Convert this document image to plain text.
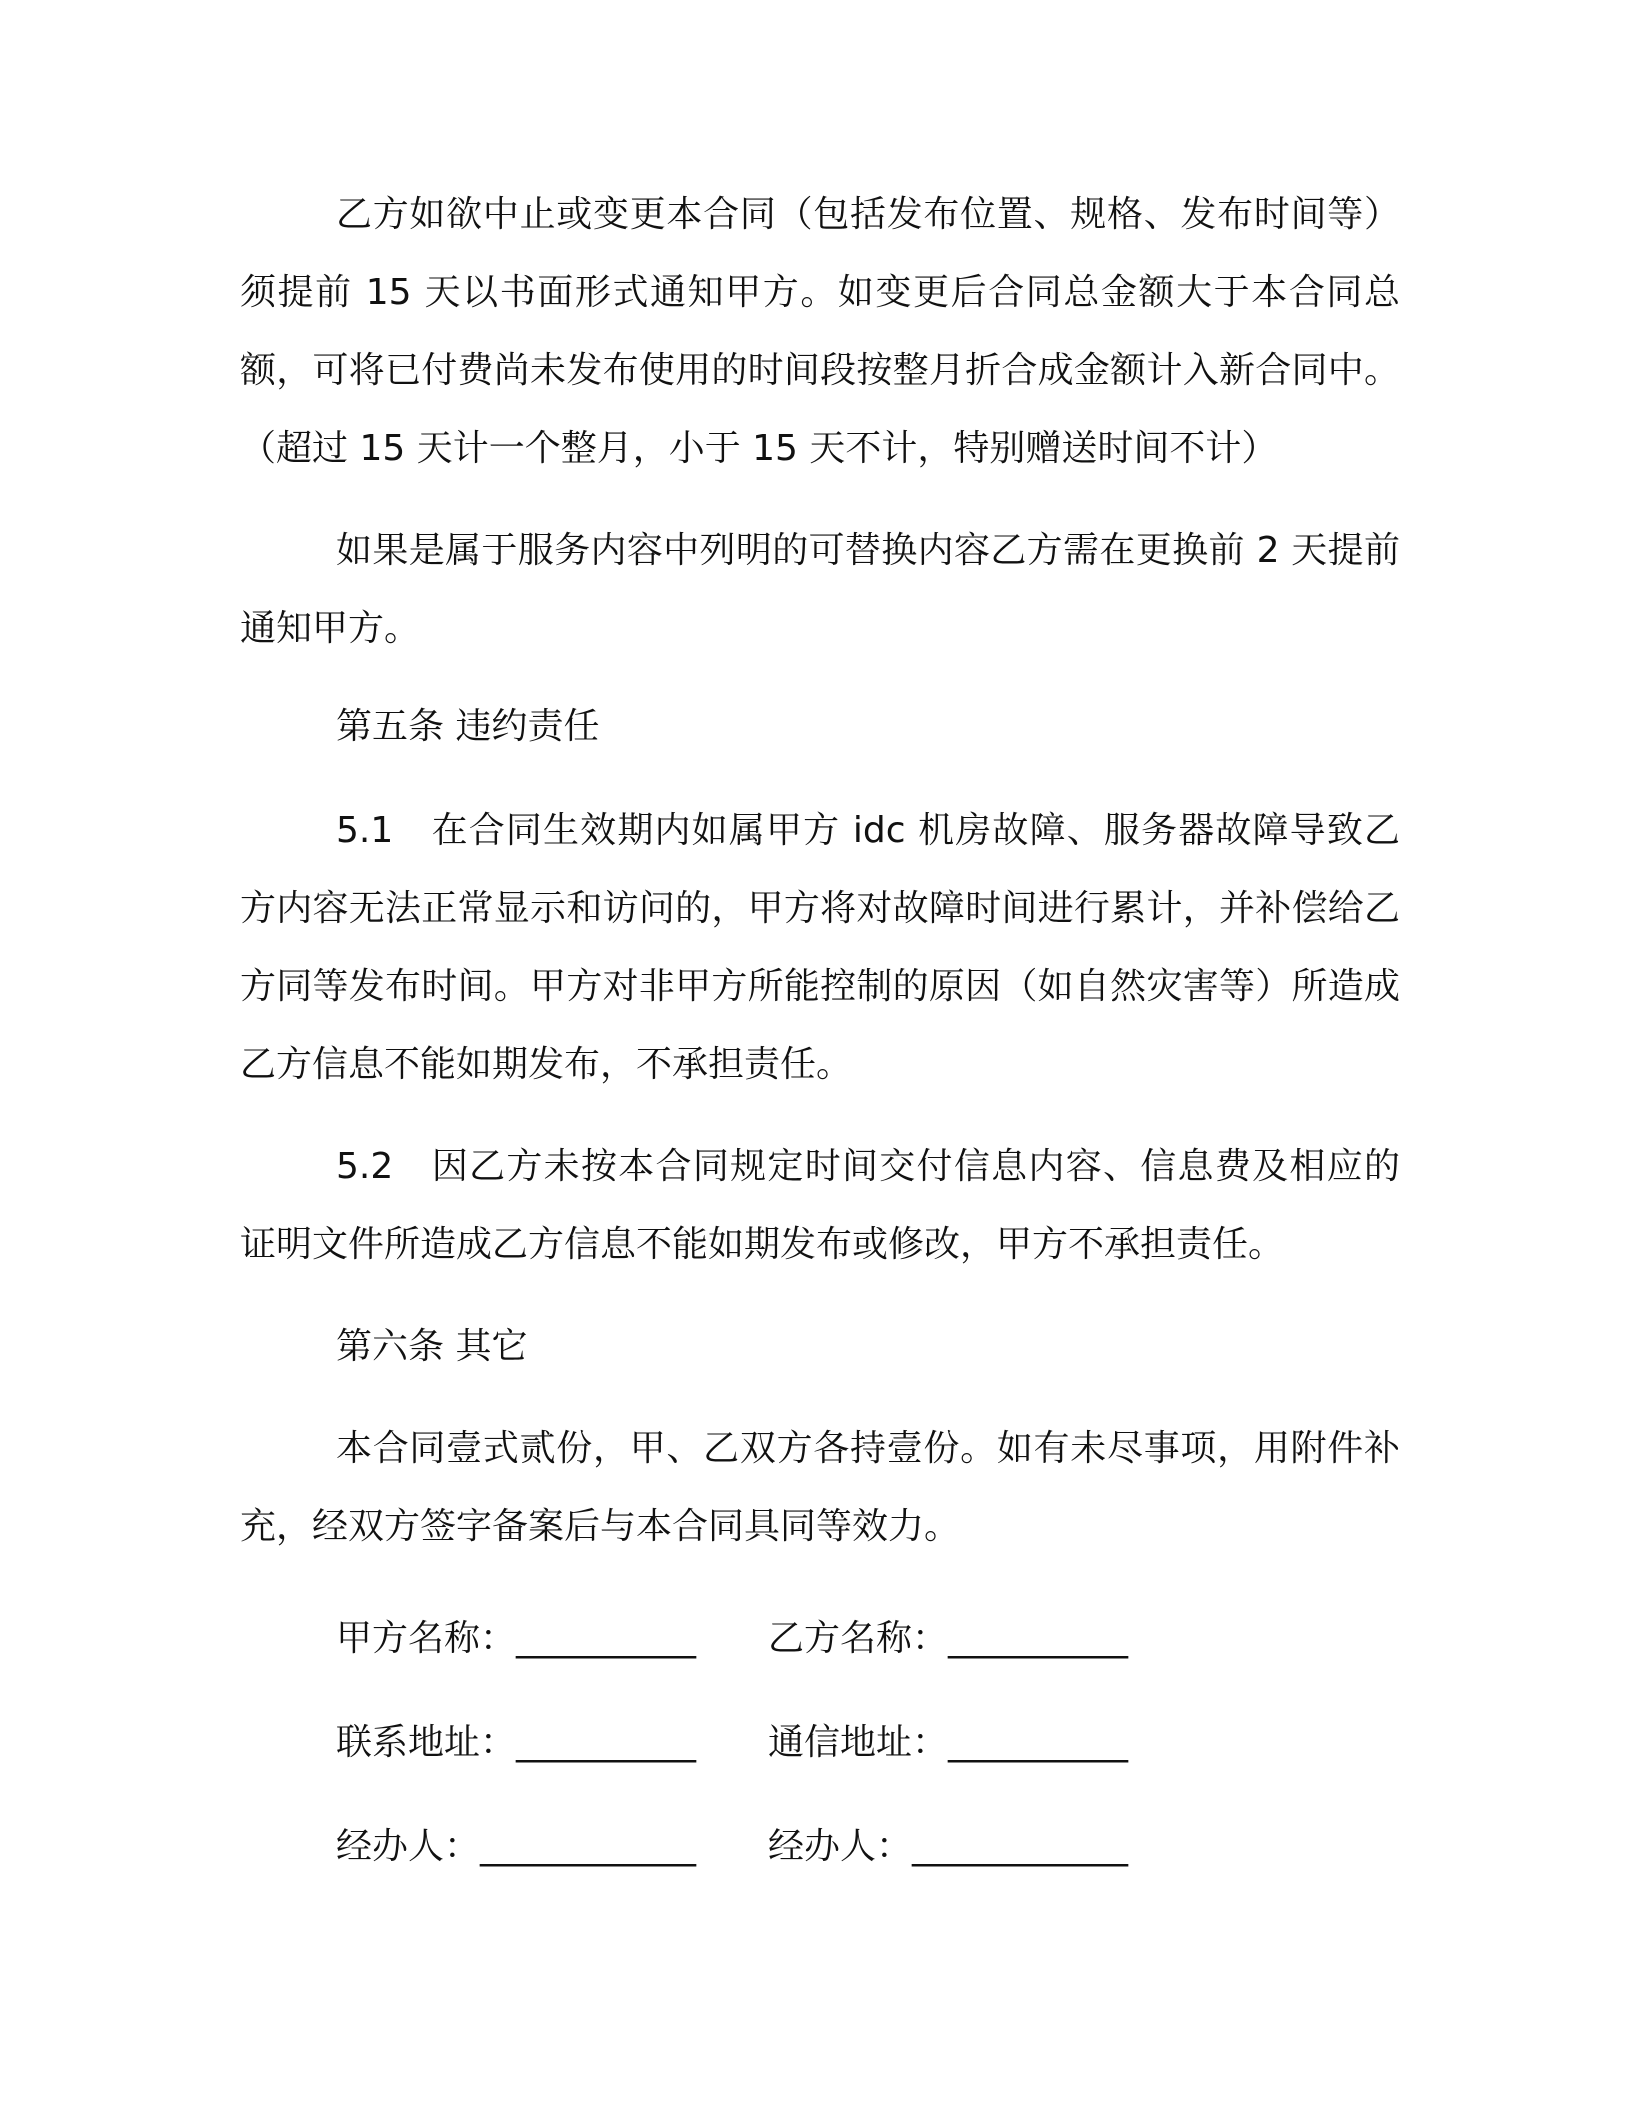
乙方如欲中止或变更本合同（包括发布位置、规格、发布时间等）须提前 15 天以书面形式通知甲方。如变更后合同总金额大于本合同总额，可将已付费尚未发布使用的时间段按整月折合成金额计入新合同中。（超过 15 天计一个整月，小于 15 天不计，特别赠送时间不计）

如果是属于服务内容中列明的可替换内容乙方需在更换前 2 天提前通知甲方。

第五条 违约责任

5.1　在合同生效期内如属甲方 idc 机房故障、服务器故障导致乙方内容无法正常显示和访问的，甲方将对故障时间进行累计，并补偿给乙方同等发布时间。甲方对非甲方所能控制的原因（如自然灾害等）所造成乙方信息不能如期发布，不承担责任。

5.2　因乙方未按本合同规定时间交付信息内容、信息费及相应的证明文件所造成乙方信息不能如期发布或修改，甲方不承担责任。

第六条 其它

本合同壹式贰份，甲、乙双方各持壹份。如有未尽事项，用附件补充，经双方签字备案后与本合同具同等效力。

甲方名称：__________ 乙方名称：__________
联系地址：__________ 通信地址：__________
经办人：____________ 经办人：____________
